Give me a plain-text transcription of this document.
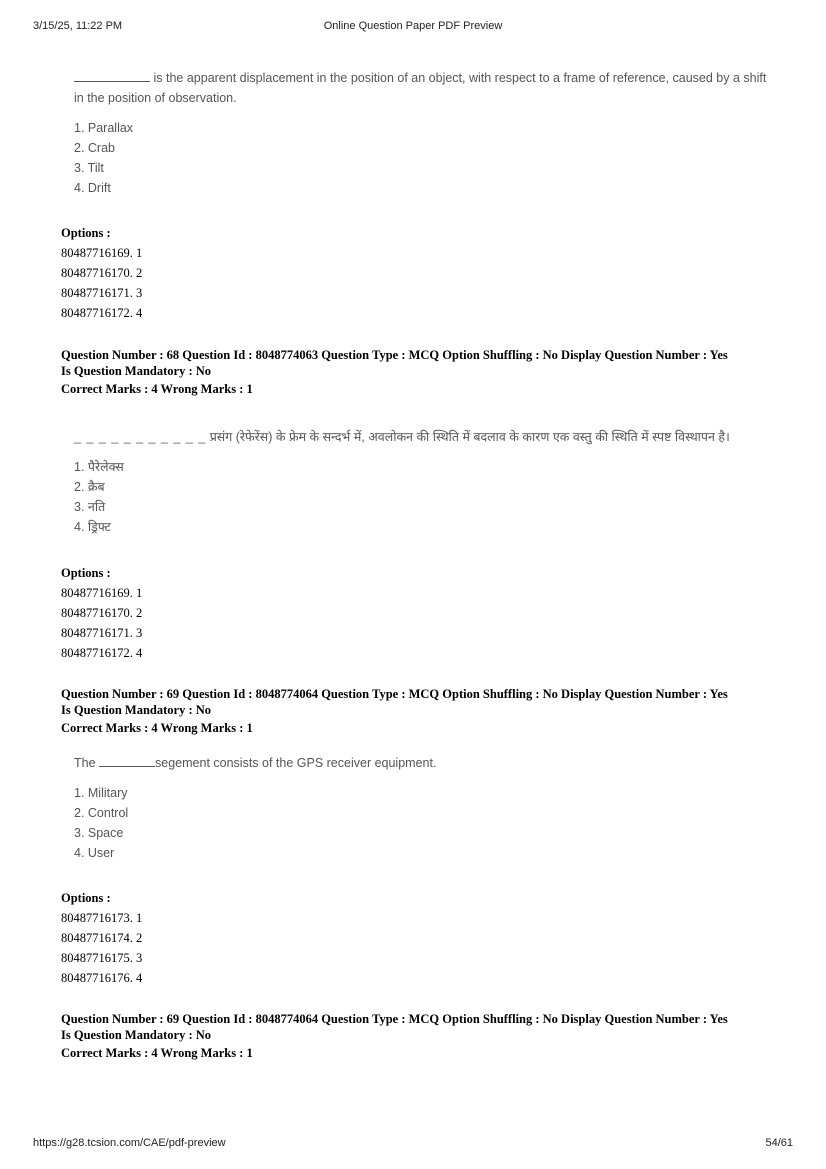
3/15/25, 11:22 PM	Online Question Paper PDF Preview

is the apparent displacement in the position of an object, with respect to a frame of reference, caused by a shift in the position of observation.

1. Parallax

2. Crab

3. Tilt

4. Drift

Options :
80487716169. 1
80487716170. 2
80487716171. 3
80487716172. 4

Question Number : 68 Question Id : 8048774063 Question Type : MCQ Option Shuffling : No Display Question Number : Yes

Is Question Mandatory : No

Correct Marks : 4 Wrong Marks : 1

_ _ _ _ _ _ _ _ _ _ _ प्रसंग (रेफेरेंस) के फ्रेम के सन्दर्भ में, अवलोकन की स्थिति में बदलाव के कारण एक वस्तु की स्थिति में स्पष्ट विस्थापन है।

1. पैरेलेक्स

2. क्रैब

3. नति

4. ड्रिफ्ट

Options :
80487716169. 1
80487716170. 2
80487716171. 3
80487716172. 4

Question Number : 69 Question Id : 8048774064 Question Type : MCQ Option Shuffling : No Display Question Number : Yes

Is Question Mandatory : No

Correct Marks : 4 Wrong Marks : 1

The	segement consists of the GPS receiver equipment.

1. Military

2. Control

3. Space

4. User

Options :
80487716173. 1
80487716174. 2
80487716175. 3
80487716176. 4

Question Number : 69 Question Id : 8048774064 Question Type : MCQ Option Shuffling : No Display Question Number : Yes

Is Question Mandatory : No

Correct Marks : 4 Wrong Marks : 1

https://g28.tcsion.com/CAE/pdf-preview	54/61
